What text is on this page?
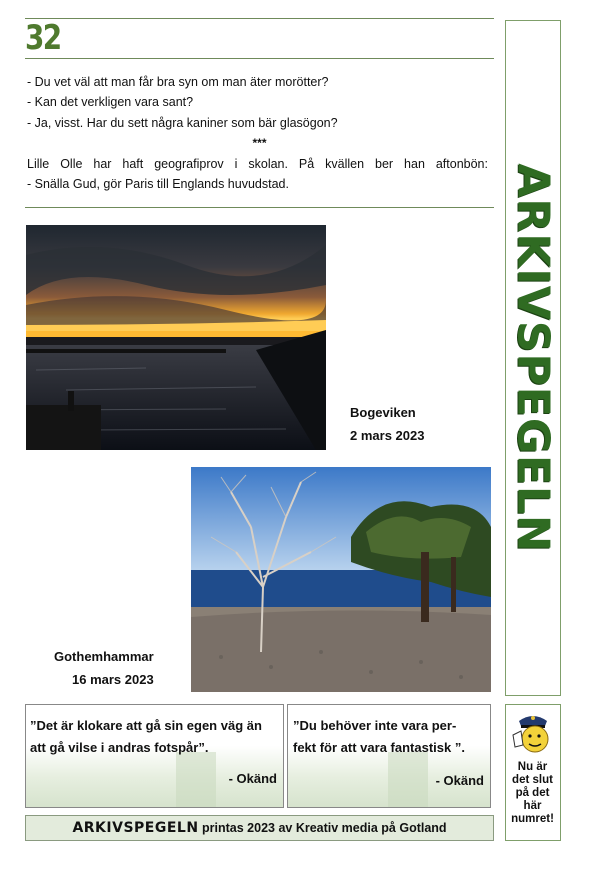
32
- Du vet väl att man får bra syn om man äter morötter?
- Kan det verkligen vara sant?
- Ja, visst. Har du sett några kaniner som bär glasögon?
***
Lille Olle har haft geografiprov i skolan. På kvällen ber han aftonbön:
- Snälla Gud, gör Paris till Englands huvudstad.
Bogeviken
2 mars 2023
Gothemhammar
16 mars 2023
ARKIVSPEGELN
”Det är klokare att gå sin egen väg än
att gå vilse i andras fotspår”.
- Okänd
”Du behöver inte vara per-
fekt för att vara fantastisk ”.
- Okänd
Nu är
det slut
på det
här
numret!
ARKIVSPEGELN printas 2023 av Kreativ media på Gotland
